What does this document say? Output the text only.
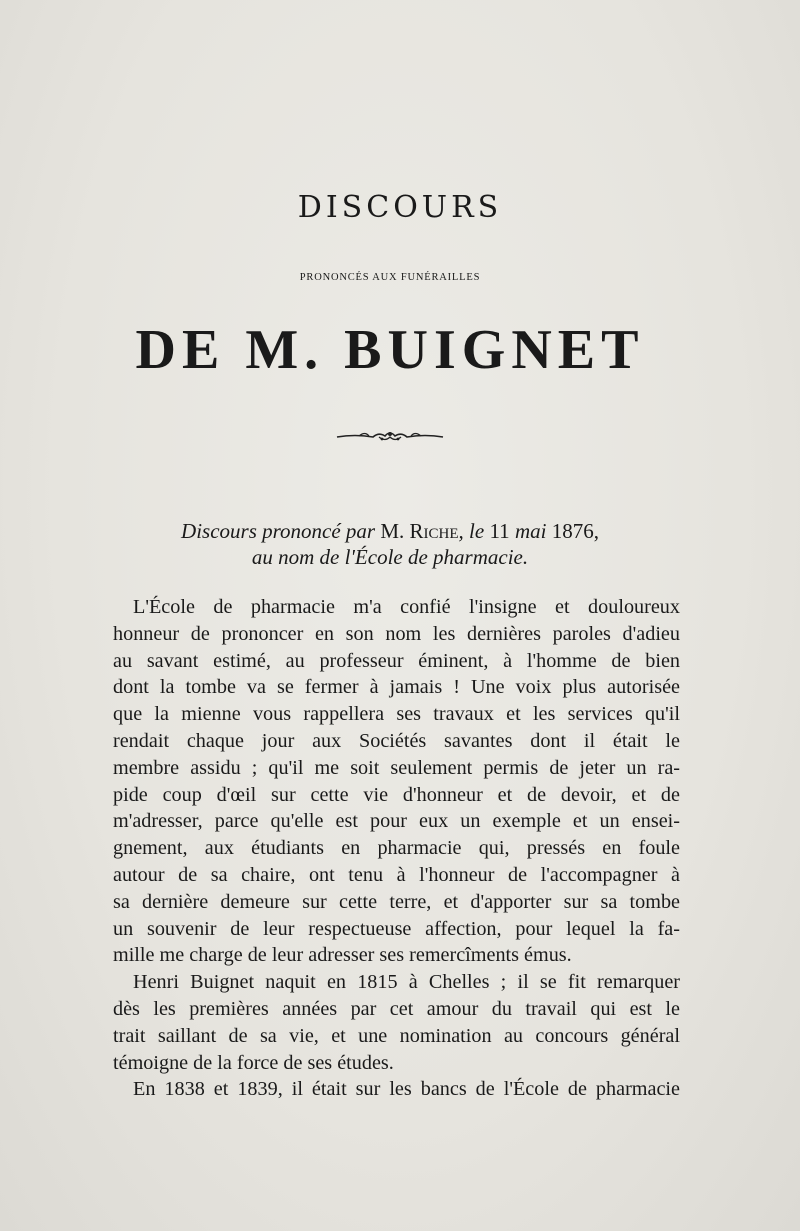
DISCOURS
PRONONCÉS AUX FUNÉRAILLES
DE M. BUIGNET
Discours prononcé par M. Riche, le 11 mai 1876,
au nom de l'École de pharmacie.
L'École de pharmacie m'a confié l'insigne et douloureux
honneur de prononcer en son nom les dernières paroles d'adieu
au savant estimé, au professeur éminent, à l'homme de bien
dont la tombe va se fermer à jamais ! Une voix plus autorisée
que la mienne vous rappellera ses travaux et les services qu'il
rendait chaque jour aux Sociétés savantes dont il était le
membre assidu ; qu'il me soit seulement permis de jeter un ra-
pide coup d'œil sur cette vie d'honneur et de devoir, et de
m'adresser, parce qu'elle est pour eux un exemple et un ensei-
gnement, aux étudiants en pharmacie qui, pressés en foule
autour de sa chaire, ont tenu à l'honneur de l'accompagner à
sa dernière demeure sur cette terre, et d'apporter sur sa tombe
un souvenir de leur respectueuse affection, pour lequel la fa-
mille me charge de leur adresser ses remercîments émus.
Henri Buignet naquit en 1815 à Chelles ; il se fit remarquer
dès les premières années par cet amour du travail qui est le
trait saillant de sa vie, et une nomination au concours général
témoigne de la force de ses études.
En 1838 et 1839, il était sur les bancs de l'École de pharmacie
